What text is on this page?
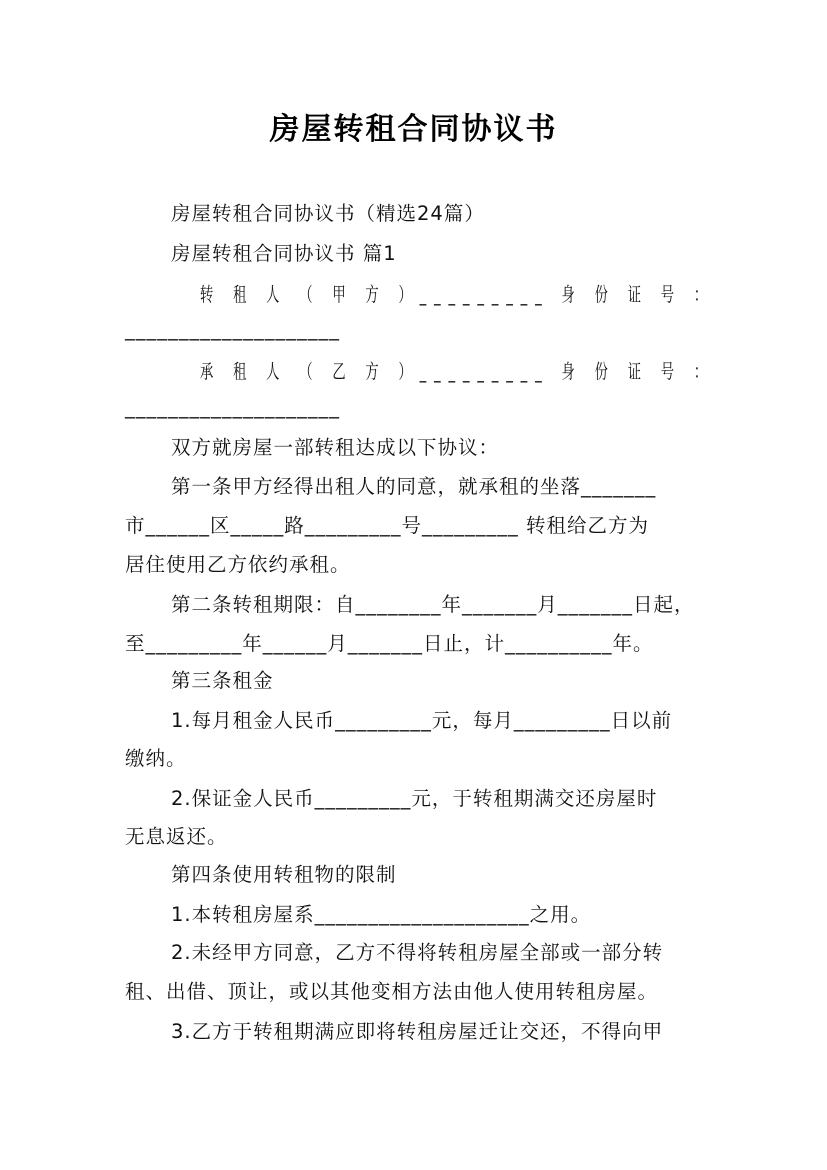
房屋转租合同协议书
房屋转租合同协议书（精选24篇）
房屋转租合同协议书 篇1
转 租 人 （ 甲 方 ）_________ 身 份 证 号 ：
____________________
承 租 人 （ 乙 方 ）_________ 身 份 证 号 ：
____________________
双方就房屋一部转租达成以下协议：
第一条甲方经得出租人的同意，就承租的坐落_______
市______区_____路_________号_________ 转租给乙方为
居住使用乙方依约承租。
第二条转租期限：自________年_______月_______日起，
至_________年______月_______日止，计__________年。
第三条租金
1.每月租金人民币_________元，每月_________日以前
缴纳。
2.保证金人民币_________元，于转租期满交还房屋时
无息返还。
第四条使用转租物的限制
1.本转租房屋系____________________之用。
2.未经甲方同意，乙方不得将转租房屋全部或一部分转
租、出借、顶让，或以其他变相方法由他人使用转租房屋。
3.乙方于转租期满应即将转租房屋迁让交还，不得向甲
